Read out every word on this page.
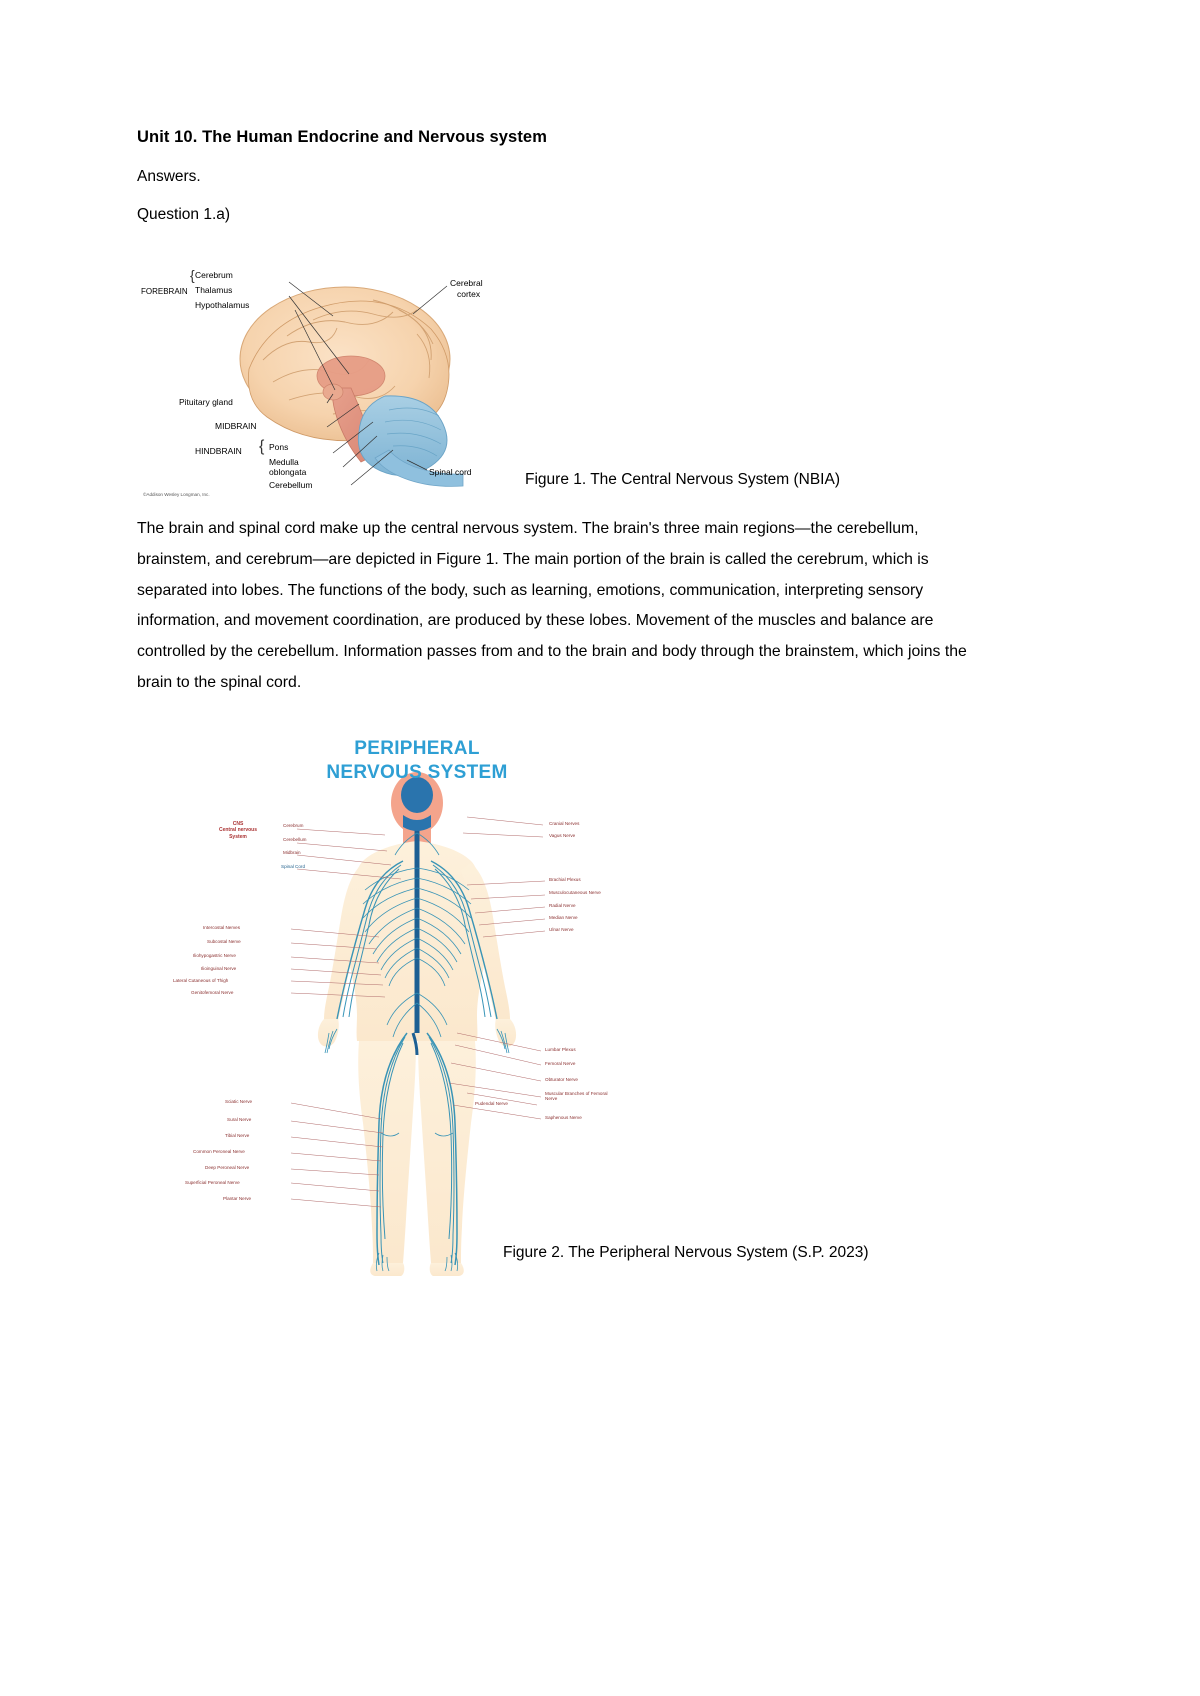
Unit 10. The Human Endocrine and Nervous system

Answers.

Question 1.a)

FOREBRAIN
Cerebrum
Thalamus
Hypothalamus
{	Cerebral
cortex
Pituitary gland
MIDBRAIN
HINDBRAIN { Pons
Medulla
oblongata
Cerebellum
Spinal cord
©Addison Wesley Longman, Inc.
Figure 1. The Central Nervous System (NBIA)

The brain and spinal cord make up the central nervous system. The brain's three main regions—the cerebellum, brainstem, and cerebrum—are depicted in Figure 1. The main portion of the brain is called the cerebrum, which is separated into lobes. The functions of the body, such as learning, emotions, communication, interpreting sensory information, and movement coordination, are produced by these lobes. Movement of the muscles and balance are controlled by the cerebellum. Information passes from and to the brain and body through the brainstem, which joins the brain to the spinal cord.

PERIPHERAL
NERVOUS SYSTEM
CNS
Central nervous
System
Cerebrum
Cerebellum
Midbrain
Spinal Cord
Cranial Nerves
Vagus Nerve
Brachial Plexus
Musculocutaneous Nerve
Radial Nerve
Median Nerve
Ulnar Nerve
Intercostal Nerves
Subcostal Nerve
Iliohypogastric Nerve
Ilioinguinal Nerve
Lateral Cutaneous of Thigh
Genitofemoral Nerve
Lumbar Plexus
Femoral Nerve
Obturator Nerve
Muscular Branches of Femoral Nerve
Saphenous Nerve
Pudendal Nerve
Sciatic Nerve
Sural Nerve
Tibial Nerve
Common Peroneal Nerve
Deep Peroneal Nerve
Superficial Peroneal Nerve
Plantar Nerve
Figure 2. The Peripheral Nervous System (S.P. 2023)
